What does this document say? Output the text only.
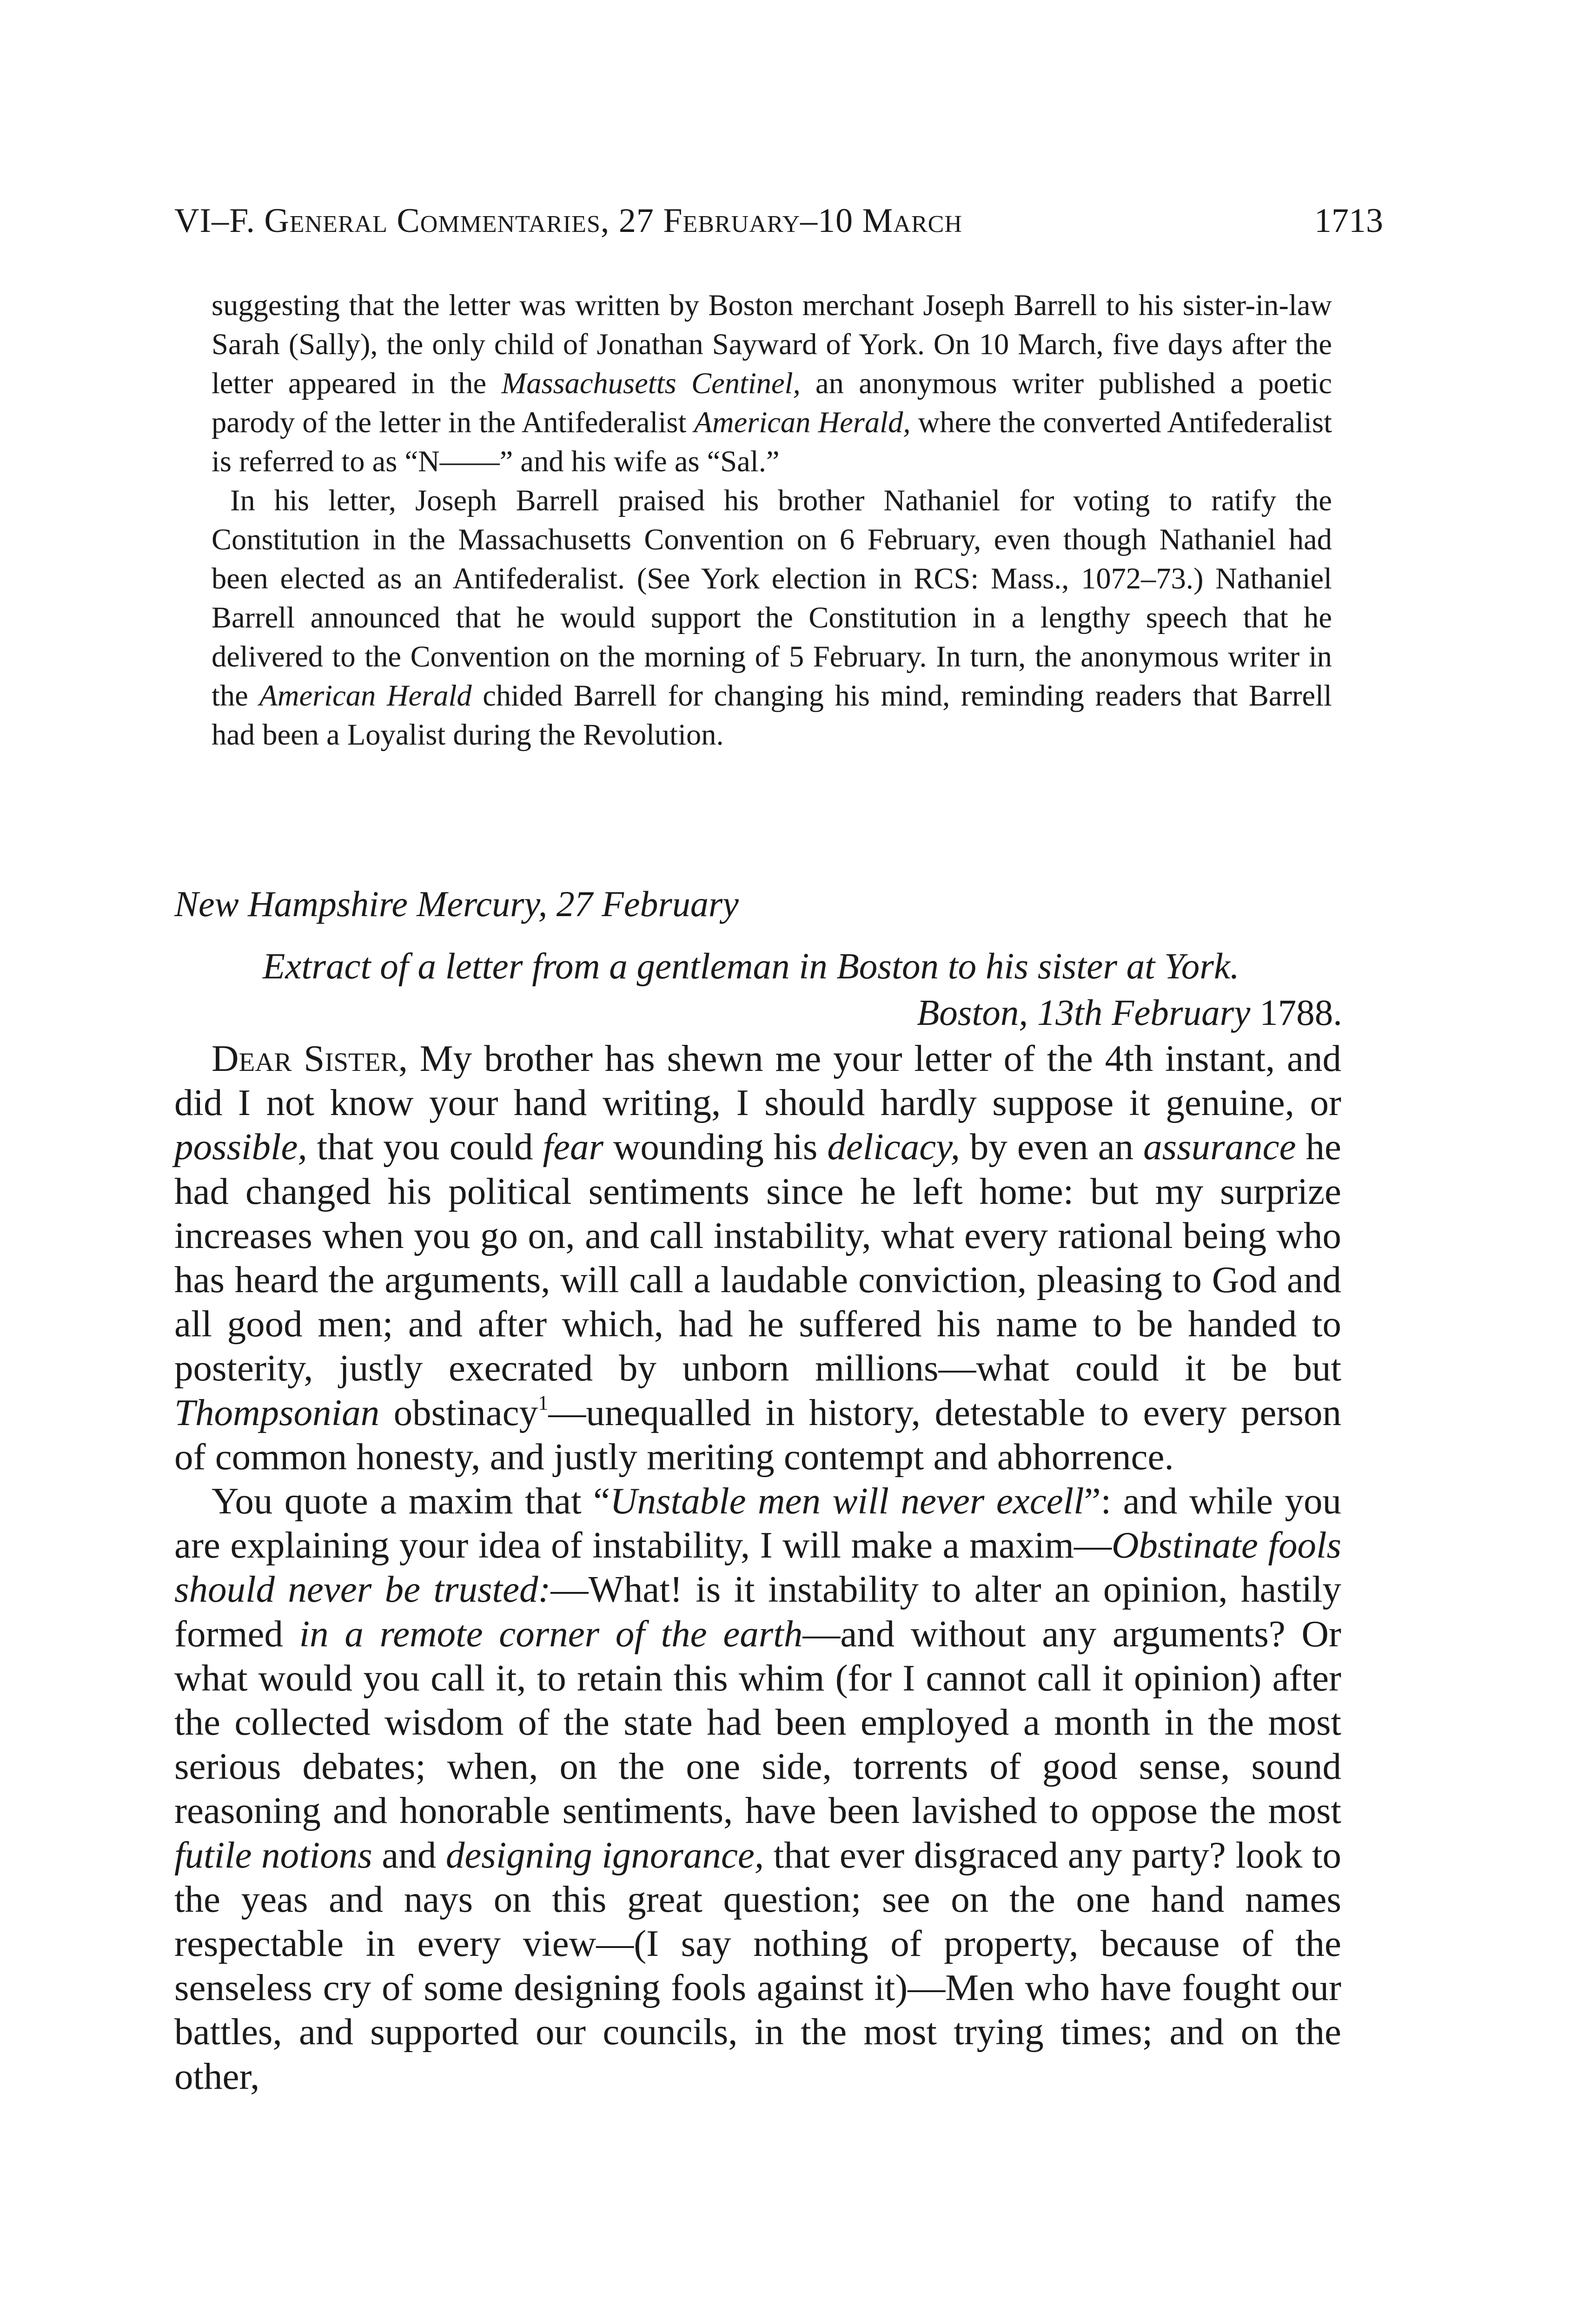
VI–F. General Commentaries, 27 February–10 March	1713

suggesting that the letter was written by Boston merchant Joseph Barrell to his sister-in-law Sarah (Sally), the only child of Jonathan Sayward of York. On 10 March, five days after the letter appeared in the Massachusetts Centinel, an anonymous writer published a poetic parody of the letter in the Antifederalist American Herald, where the converted Antifederalist is referred to as “N——” and his wife as “Sal.”

In his letter, Joseph Barrell praised his brother Nathaniel for voting to ratify the Constitution in the Massachusetts Convention on 6 February, even though Nathaniel had been elected as an Antifederalist. (See York election in RCS: Mass., 1072–73.) Nathaniel Barrell announced that he would support the Constitution in a lengthy speech that he delivered to the Convention on the morning of 5 February. In turn, the anonymous writer in the American Herald chided Barrell for changing his mind, reminding readers that Barrell had been a Loyalist during the Revolution.

New Hampshire Mercury, 27 February
Extract of a letter from a gentleman in Boston to his sister at York.
Boston, 13th February 1788.

Dear Sister, My brother has shewn me your letter of the 4th instant, and did I not know your hand writing, I should hardly suppose it genuine, or possible, that you could fear wounding his delicacy, by even an assurance he had changed his political sentiments since he left home: but my surprize increases when you go on, and call instability, what every rational being who has heard the arguments, will call a laudable conviction, pleasing to God and all good men; and after which, had he suffered his name to be handed to posterity, justly execrated by unborn millions—what could it be but Thompsonian obstinacy$^1$—unequalled in history, detestable to every person of common honesty, and justly meriting contempt and abhorrence.

You quote a maxim that “Unstable men will never excell”: and while you are explaining your idea of instability, I will make a maxim—Obstinate fools should never be trusted:—What! is it instability to alter an opinion, hastily formed in a remote corner of the earth—and without any arguments? Or what would you call it, to retain this whim (for I cannot call it opinion) after the collected wisdom of the state had been employed a month in the most serious debates; when, on the one side, torrents of good sense, sound reasoning and honorable sentiments, have been lavished to oppose the most futile notions and designing ignorance, that ever disgraced any party? look to the yeas and nays on this great question; see on the one hand names respectable in every view—(I say nothing of property, because of the senseless cry of some designing fools against it)—Men who have fought our battles, and supported our councils, in the most trying times; and on the other,
